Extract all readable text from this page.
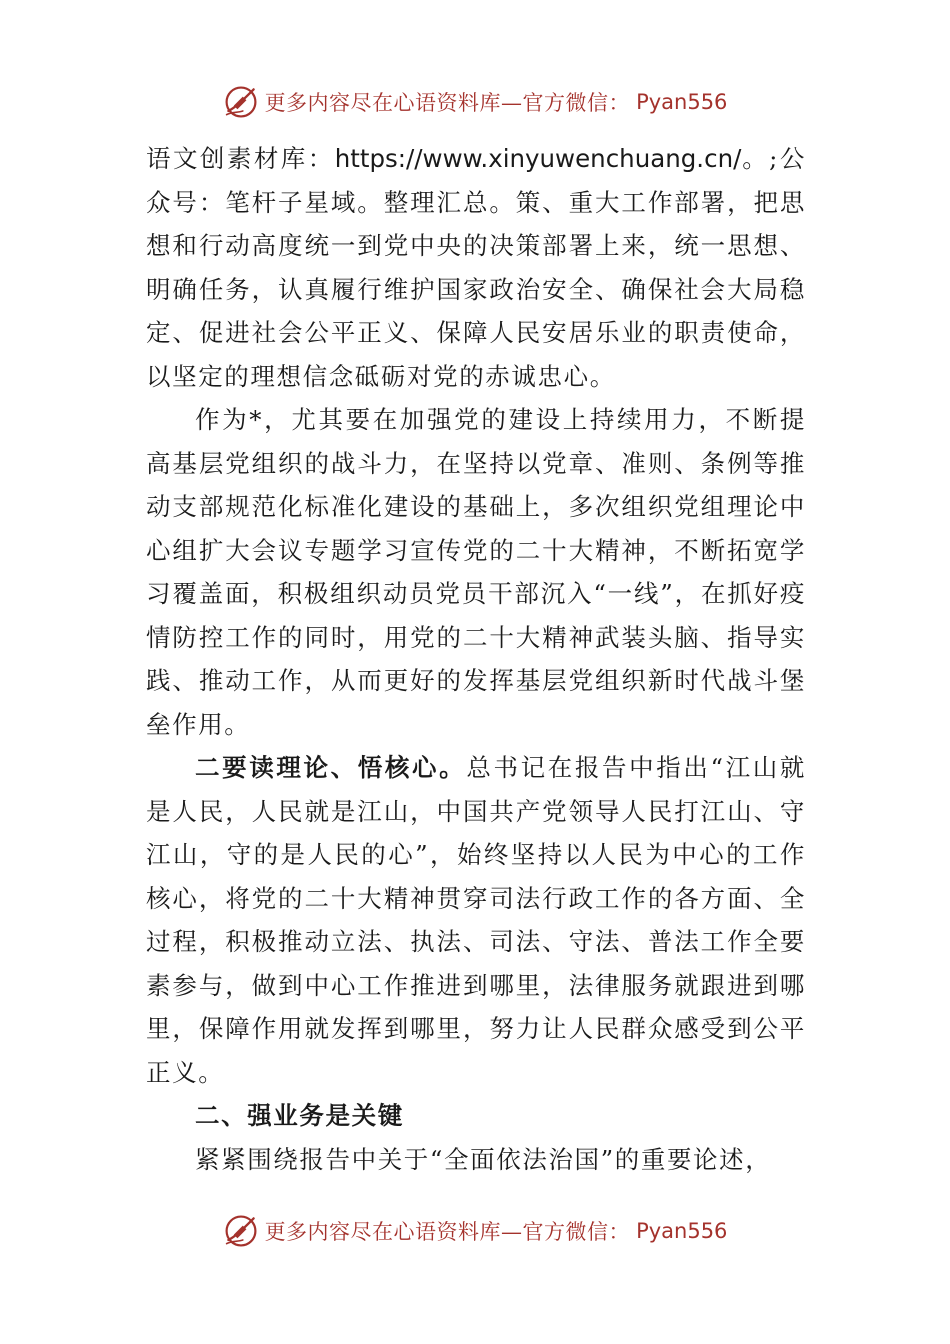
更多内容尽在心语资料库—官方微信： Pyan556

语文创素材库：https://www.xinyuwenchuang.cn/。;公众号：笔杆子星域。整理汇总。策、重大工作部署，把思想和行动高度统一到党中央的决策部署上来，统一思想、明确任务，认真履行维护国家政治安全、确保社会大局稳定、促进社会公平正义、保障人民安居乐业的职责使命，以坚定的理想信念砥砺对党的赤诚忠心。

作为*，尤其要在加强党的建设上持续用力，不断提高基层党组织的战斗力，在坚持以党章、准则、条例等推动支部规范化标准化建设的基础上，多次组织党组理论中心组扩大会议专题学习宣传党的二十大精神，不断拓宽学习覆盖面，积极组织动员党员干部沉入“一线”，在抓好疫情防控工作的同时，用党的二十大精神武装头脑、指导实践、推动工作，从而更好的发挥基层党组织新时代战斗堡垒作用。

二要读理论、悟核心。总书记在报告中指出“江山就是人民，人民就是江山，中国共产党领导人民打江山、守江山，守的是人民的心”，始终坚持以人民为中心的工作核心，将党的二十大精神贯穿司法行政工作的各方面、全过程，积极推动立法、执法、司法、守法、普法工作全要素参与，做到中心工作推进到哪里，法律服务就跟进到哪里，保障作用就发挥到哪里，努力让人民群众感受到公平正义。

二、强业务是关键

紧紧围绕报告中关于“全面依法治国”的重要论述，

更多内容尽在心语资料库—官方微信： Pyan556
